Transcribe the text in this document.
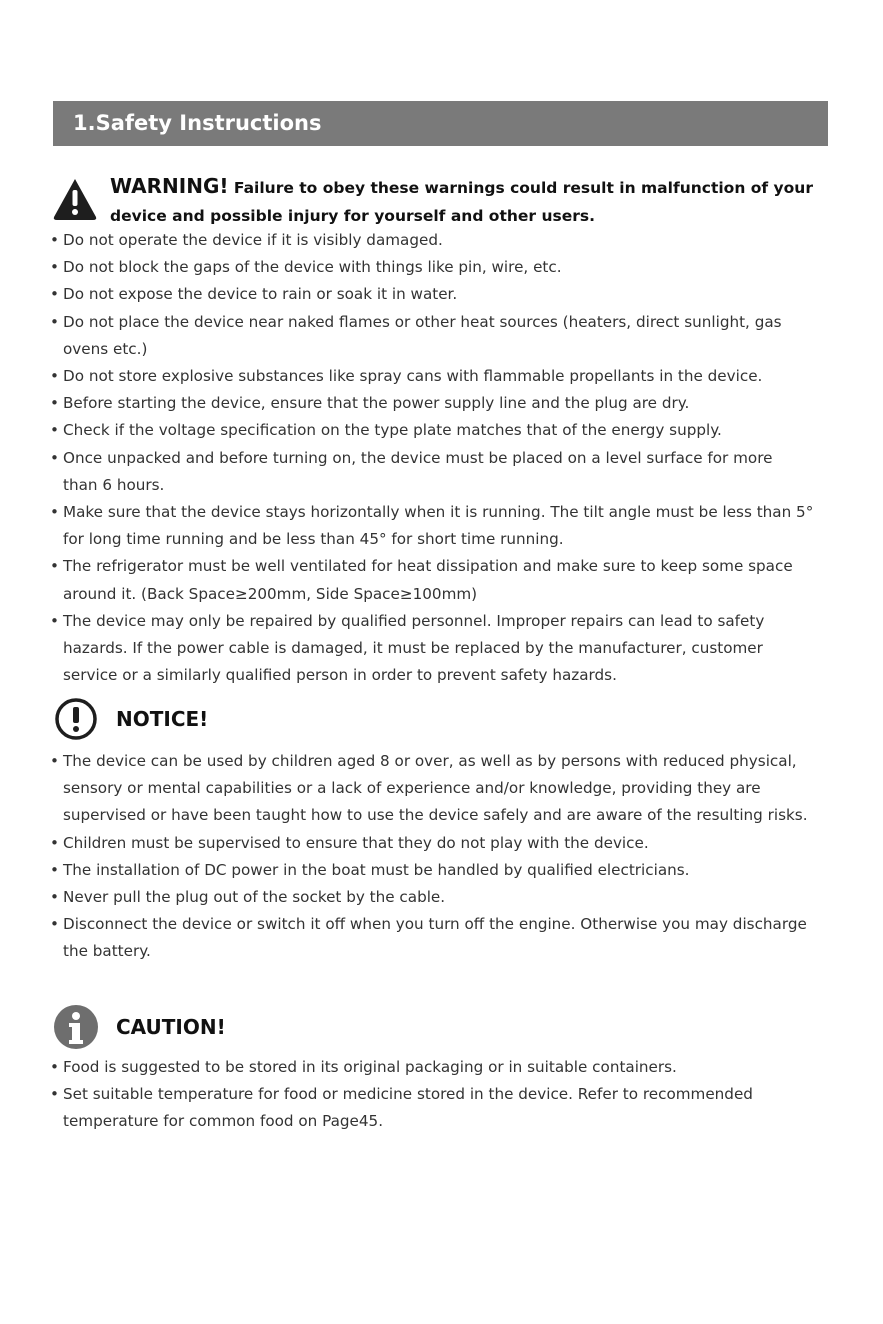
1.Safety Instructions
WARNING! Failure to obey these warnings could result in malfunction of your
device and possible injury for yourself and other users.
• Do not operate the device if it is visibly damaged.
• Do not block the gaps of the device with things like pin, wire, etc.
• Do not expose the device to rain or soak it in water.
• Do not place the device near naked flames or other heat sources (heaters, direct sunlight, gas ovens etc.)
• Do not store explosive substances like spray cans with flammable propellants in the device.
• Before starting the device, ensure that the power supply line and the plug are dry.
• Check if the voltage specification on the type plate matches that of the energy supply.
• Once unpacked and before turning on, the device must be placed on a level surface for more than 6 hours.
• Make sure that the device stays horizontally when it is running. The tilt angle must be less than 5° for long time running and be less than 45° for short time running.
• The refrigerator must be well ventilated for heat dissipation and make sure to keep some space around it. (Back Space≥200mm, Side Space≥100mm)
• The device may only be repaired by qualified personnel. Improper repairs can lead to safety hazards. If the power cable is damaged, it must be replaced by the manufacturer, customer service or a similarly qualified person in order to prevent safety hazards.
NOTICE!
• The device can be used by children aged 8 or over, as well as by persons with reduced physical, sensory or mental capabilities or a lack of experience and/or knowledge, providing they are supervised or have been taught how to use the device safely and are aware of the resulting risks.
• Children must be supervised to ensure that they do not play with the device.
• The installation of DC power in the boat must be handled by qualified electricians.
• Never pull the plug out of the socket by the cable.
• Disconnect the device or switch it off when you turn off the engine. Otherwise you may discharge the battery.
CAUTION!
• Food is suggested to be stored in its original packaging or in suitable containers.
• Set suitable temperature for food or medicine stored in the device. Refer to recommended temperature for common food on Page45.
